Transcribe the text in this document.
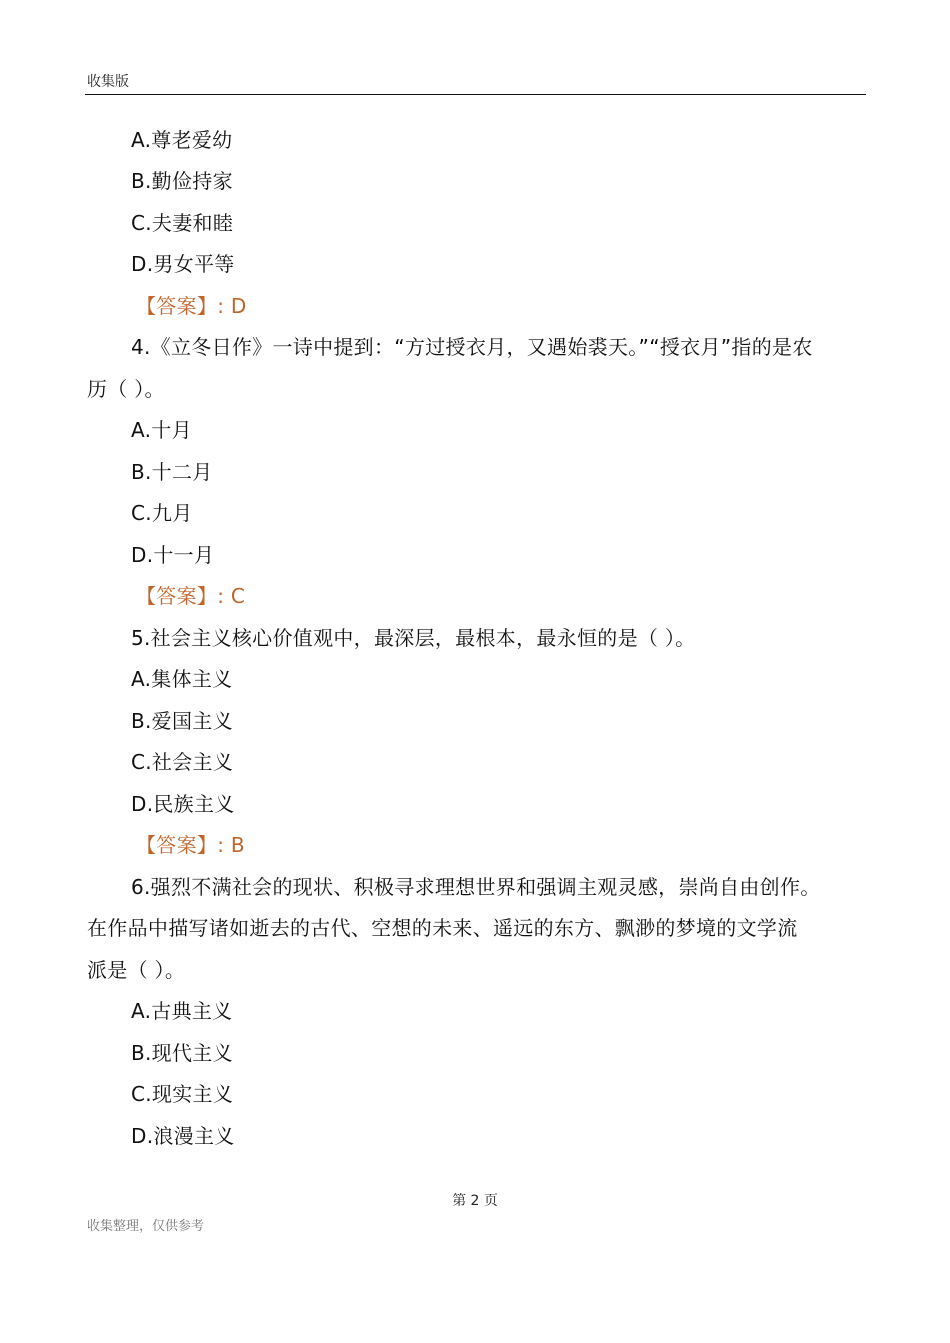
收集版
A.尊老爱幼
B.勤俭持家
C.夫妻和睦
D.男女平等
【答案】: D
4.《立冬日作》一诗中提到：“方过授衣月，又遇始裘天。”“授衣月”指的是农
历（ ）。
A.十月
B.十二月
C.九月
D.十一月
【答案】: C
5.社会主义核心价值观中，最深层，最根本，最永恒的是（ ）。
A.集体主义
B.爱国主义
C.社会主义
D.民族主义
【答案】: B
6.强烈不满社会的现状、积极寻求理想世界和强调主观灵感，崇尚自由创作。
在作品中描写诸如逝去的古代、空想的未来、遥远的东方、飘渺的梦境的文学流
派是（ ）。
A.古典主义
B.现代主义
C.现实主义
D.浪漫主义
第 2 页
收集整理，仅供参考
